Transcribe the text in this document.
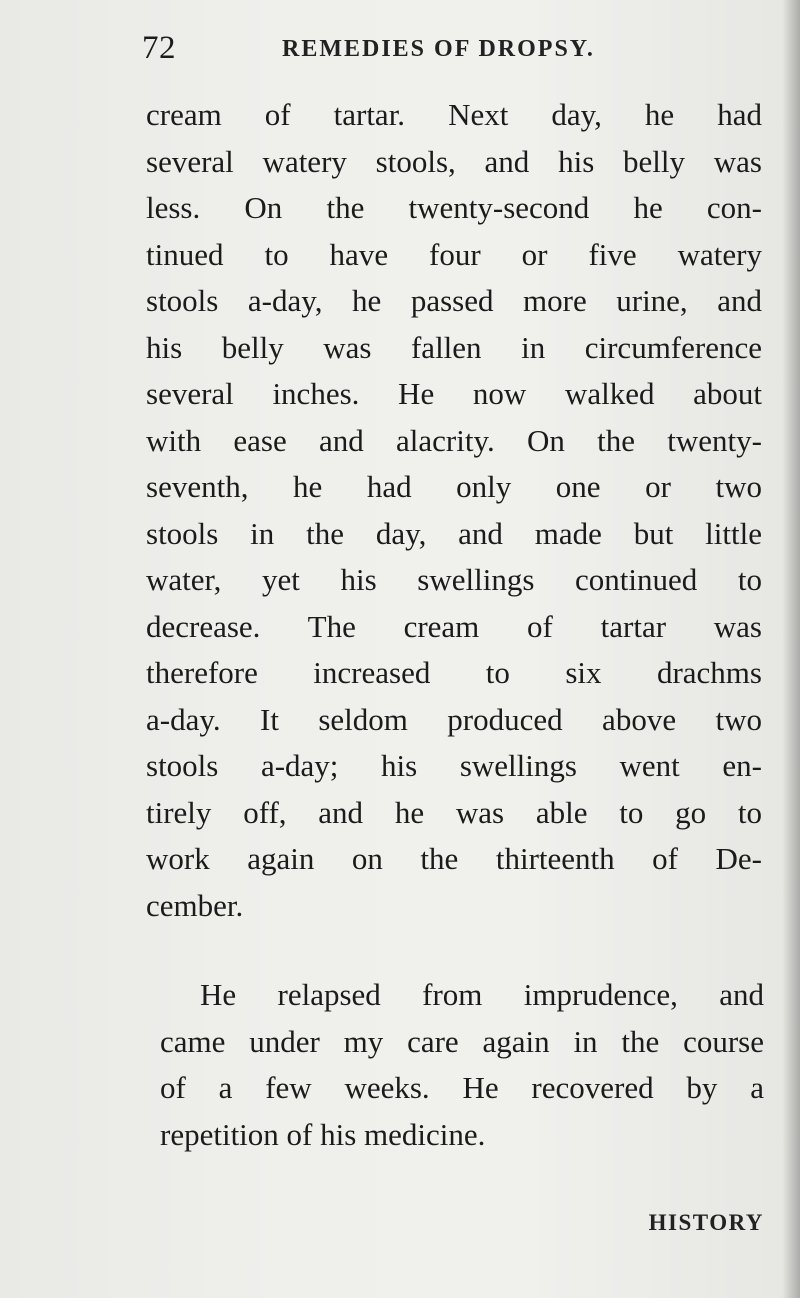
72	REMEDIES OF DROPSY.
cream of tartar. Next day, he had
several watery stools, and his belly was
less. On the twenty-second he con-
tinued to have four or five watery
stools a-day, he passed more urine, and
his belly was fallen in circumference
several inches. He now walked about
with ease and alacrity. On the twenty-
seventh, he had only one or two
stools in the day, and made but little
water, yet his swellings continued to
decrease. The cream of tartar was
therefore increased to six drachms
a-day. It seldom produced above two
stools a-day; his swellings went en-
tirely off, and he was able to go to
work again on the thirteenth of De-
cember.
He relapsed from imprudence, and
came under my care again in the course
of a few weeks. He recovered by a
repetition of his medicine.
HISTORY
